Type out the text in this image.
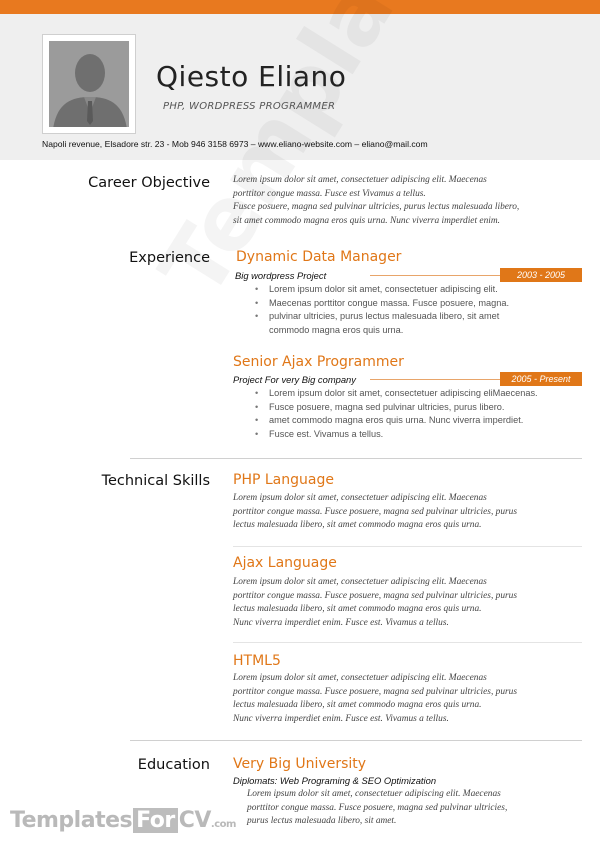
Qiesto Eliano
PHP, WORDPRESS PROGRAMMER
Napoli revenue, Elsadore str. 23 - Mob 946 3158 6973 – www.eliano-website.com – eliano@mail.com
Career Objective Lorem ipsum dolor sit amet, consectetuer adipiscing elit. Maecenas
porttitor congue massa. Fusce est Vivamus a tellus.
Fusce posuere, magna sed pulvinar ultricies, purus lectus malesuada libero,
sit amet commodo magna eros quis urna. Nunc viverra imperdiet enim.
Experience Dynamic Data Manager
Big wordpress Project	2003 - 2005
• Lorem ipsum dolor sit amet, consectetuer adipiscing elit.
• Maecenas porttitor congue massa. Fusce posuere, magna.
• pulvinar ultricies, purus lectus malesuada libero, sit amet
commodo magna eros quis urna.
Senior Ajax Programmer
Project For very Big company	2005 - Present
• Lorem ipsum dolor sit amet, consectetuer adipiscing eliMaecenas.
• Fusce posuere, magna sed pulvinar ultricies, purus libero.
• amet commodo magna eros quis urna. Nunc viverra imperdiet.
• Fusce est. Vivamus a tellus.
Technical Skills PHP Language
Lorem ipsum dolor sit amet, consectetuer adipiscing elit. Maecenas
porttitor congue massa. Fusce posuere, magna sed pulvinar ultricies, purus
lectus malesuada libero, sit amet commodo magna eros quis urna.
Ajax Language
Lorem ipsum dolor sit amet, consectetuer adipiscing elit. Maecenas
porttitor congue massa. Fusce posuere, magna sed pulvinar ultricies, purus
lectus malesuada libero, sit amet commodo magna eros quis urna.
Nunc viverra imperdiet enim. Fusce est. Vivamus a tellus.
HTML5
Lorem ipsum dolor sit amet, consectetuer adipiscing elit. Maecenas
porttitor congue massa. Fusce posuere, magna sed pulvinar ultricies, purus
lectus malesuada libero, sit amet commodo magna eros quis urna.
Nunc viverra imperdiet enim. Fusce est. Vivamus a tellus.
Education Very Big University
Diplomats: Web Programing & SEO Optimization
Lorem ipsum dolor sit amet, consectetuer adipiscing elit. Maecenas
porttitor congue massa. Fusce posuere, magna sed pulvinar ultricies,
purus lectus malesuada libero, sit amet.
Templates For CV.com
